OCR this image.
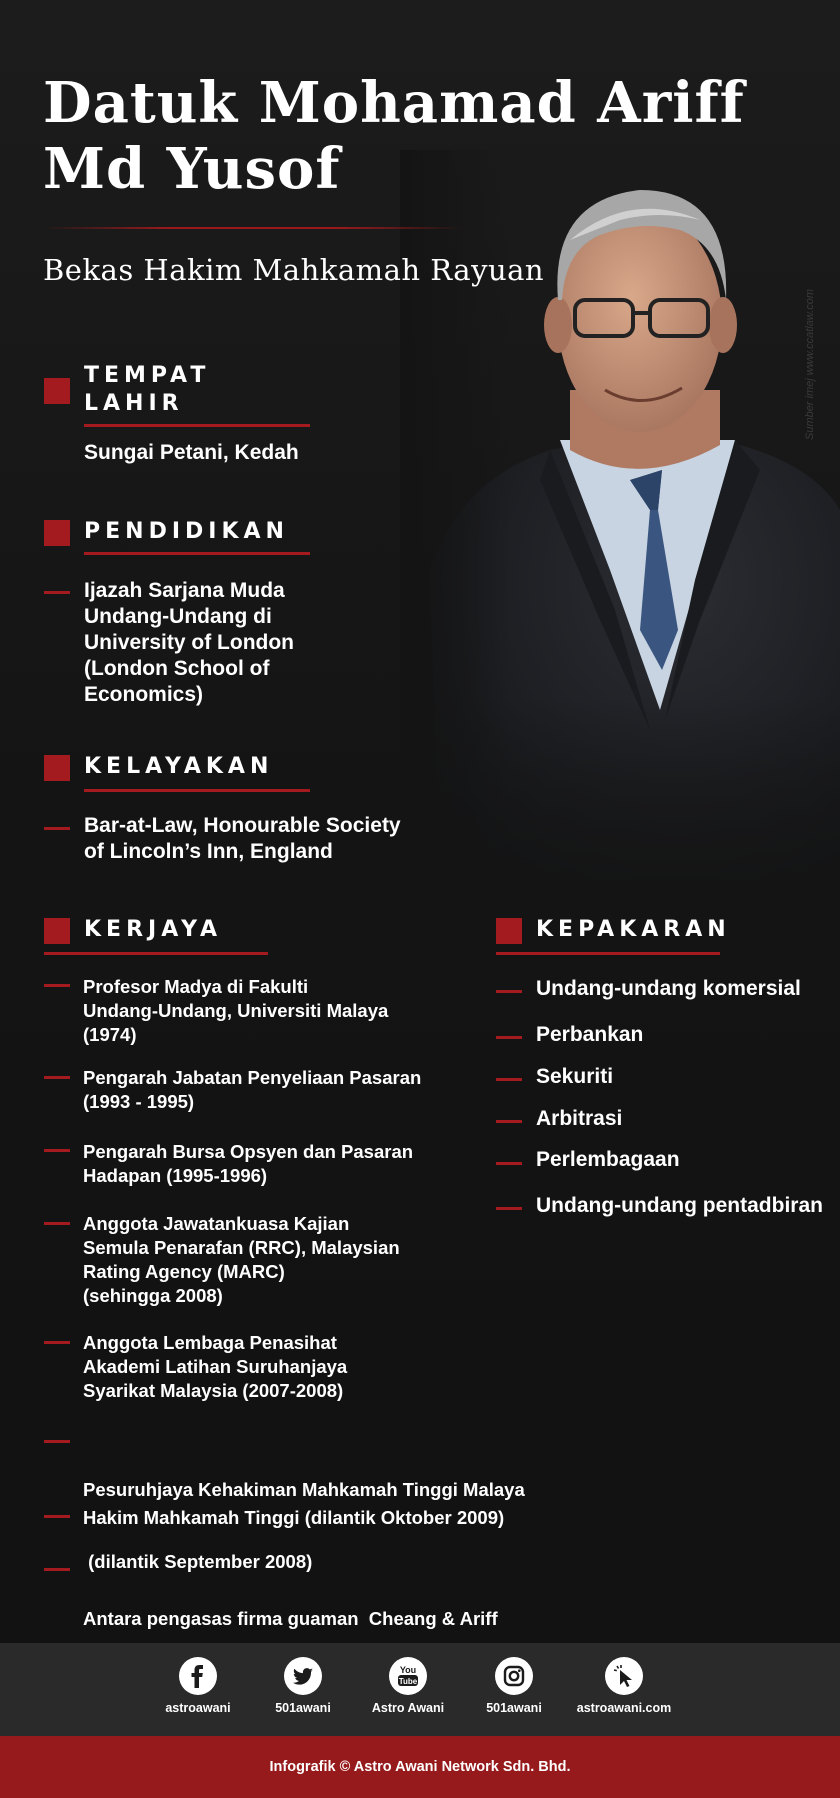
Sumber imej www.ccatlaw.com
Datuk Mohamad Ariff
Md Yusof
Bekas Hakim Mahkamah Rayuan
TEMPAT
LAHIR
Sungai Petani, Kedah
PENDIDIKAN
Ijazah Sarjana Muda
Undang-Undang di
University of London
(London School of
Economics)
KELAYAKAN
Bar-at-Law, Honourable Society
of Lincoln’s Inn, England
KERJAYA
Profesor Madya di Fakulti
Undang-Undang, Universiti Malaya
(1974)
Pengarah Jabatan Penyeliaan Pasaran
(1993 - 1995)
Pengarah Bursa Opsyen dan Pasaran
Hadapan (1995-1996)
Anggota Jawatankuasa Kajian
Semula Penarafan (RRC), Malaysian
Rating Agency (MARC)
(sehingga 2008)
Anggota Lembaga Penasihat
Akademi Latihan Suruhanjaya
Syarikat Malaysia (2007-2008)

Pesuruhjaya Kehakiman Mahkamah Tinggi Malaya

(dilantik September 2008)

Hakim Mahkamah Tinggi (dilantik Oktober 2009)

Antara pengasas firma guaman  Cheang & Ariff

KEPAKARAN
Undang-undang komersial
Perbankan
Sekuriti
Arbitrasi
Perlembagaan
Undang-undang pentadbiran
astroawani	501awani
You
Tube
Astro Awani	501awani	astroawani.com
Infografik © Astro Awani Network Sdn. Bhd.
